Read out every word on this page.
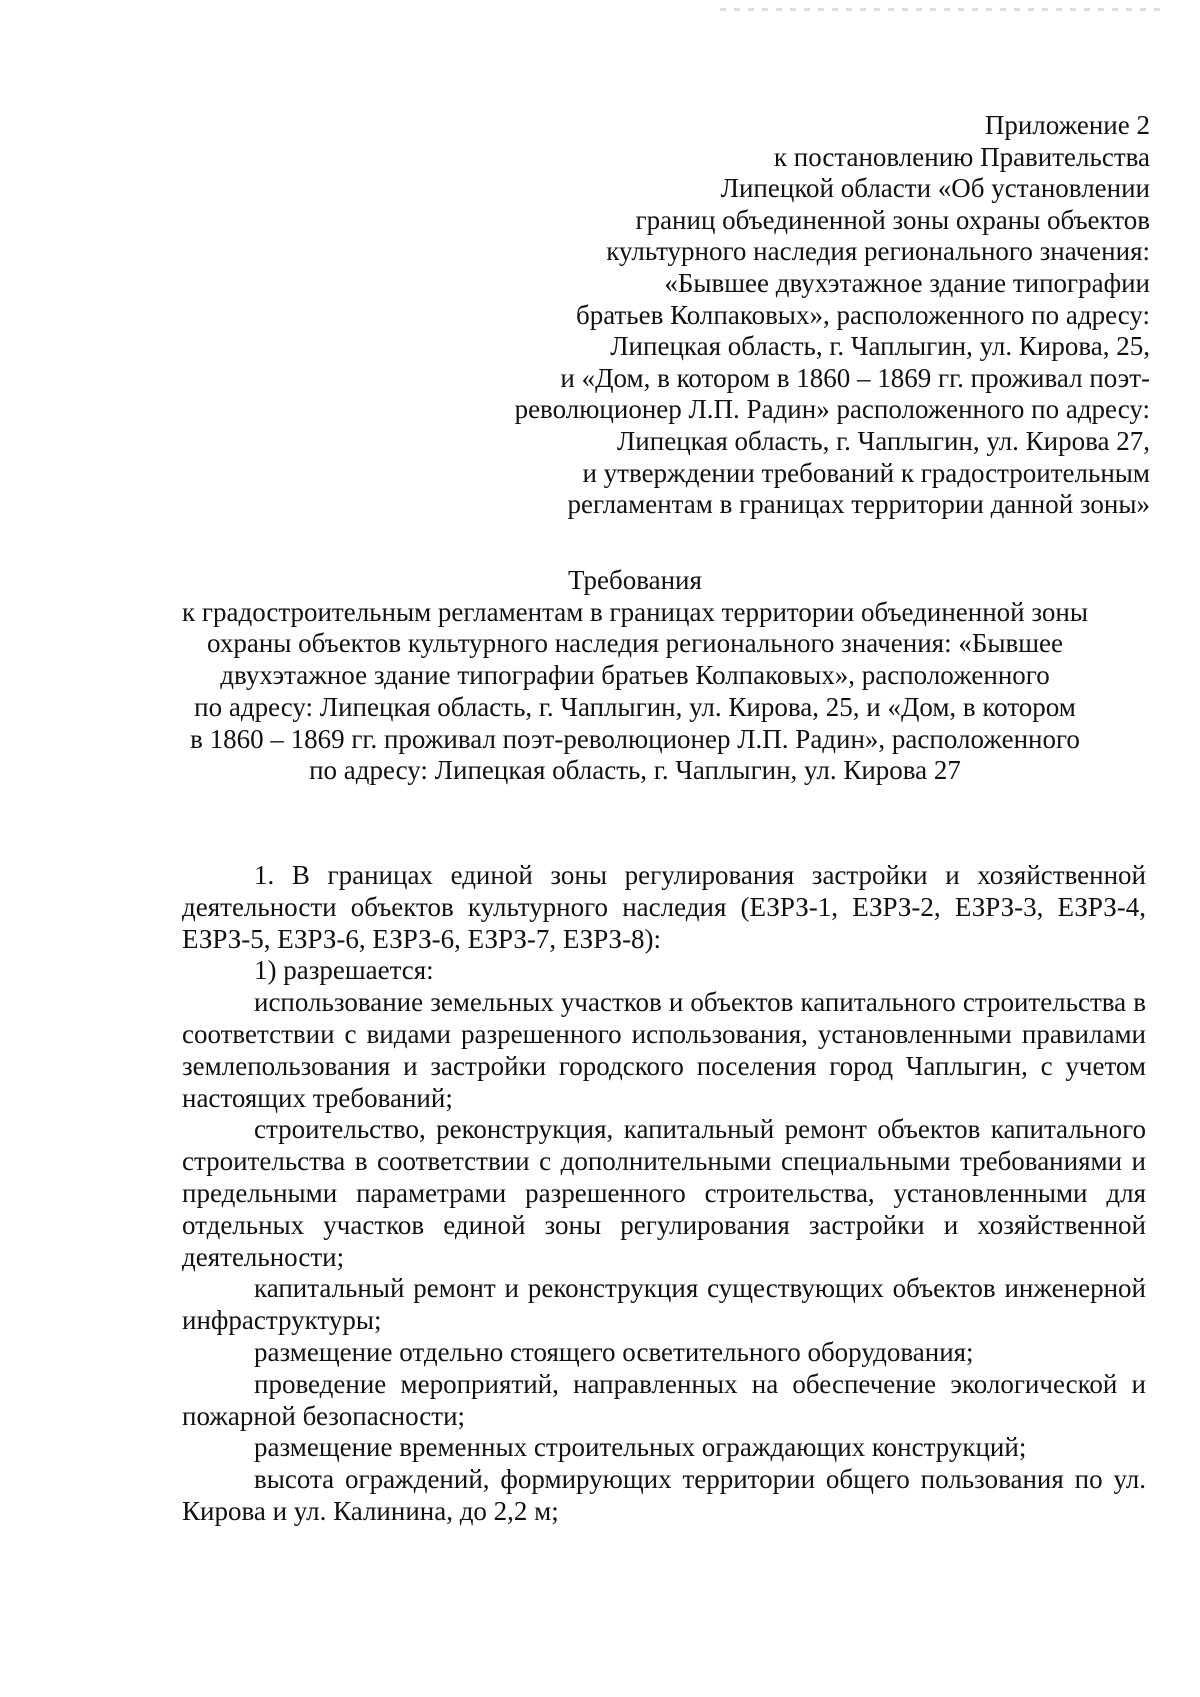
Приложение 2
к постановлению Правительства
Липецкой области «Об установлении
границ объединенной зоны охраны объектов
культурного наследия регионального значения:
«Бывшее двухэтажное здание типографии
братьев Колпаковых», расположенного по адресу:
Липецкая область, г. Чаплыгин, ул. Кирова, 25,
и «Дом, в котором в 1860 – 1869 гг. проживал поэт-
революционер Л.П. Радин» расположенного по адресу:
Липецкая область, г. Чаплыгин, ул. Кирова 27,
и утверждении требований к градостроительным
регламентам в границах территории данной зоны»
Требования
к градостроительным регламентам в границах территории объединенной зоны
охраны объектов культурного наследия регионального значения: «Бывшее
двухэтажное здание типографии братьев Колпаковых», расположенного
по адресу: Липецкая область, г. Чаплыгин, ул. Кирова, 25, и «Дом, в котором
в 1860 – 1869 гг. проживал поэт-революционер Л.П. Радин», расположенного
по адресу: Липецкая область, г. Чаплыгин, ул. Кирова 27

1. В границах единой зоны регулирования застройки и хозяйственной деятельности объектов культурного наследия (ЕЗРЗ-1, ЕЗРЗ-2, ЕЗРЗ-3, ЕЗРЗ-4, ЕЗРЗ-5, ЕЗРЗ-6, ЕЗРЗ-6, ЕЗРЗ-7, ЕЗРЗ-8):

1) разрешается:

использование земельных участков и объектов капитального строительства в соответствии с видами разрешенного использования, установленными правилами землепользования и застройки городского поселения город Чаплыгин, с учетом настоящих требований;

строительство, реконструкция, капитальный ремонт объектов капитального строительства в соответствии с дополнительными специальными требованиями и предельными параметрами разрешенного строительства, установленными для отдельных участков единой зоны регулирования застройки и хозяйственной деятельности;

капитальный ремонт и реконструкция существующих объектов инженерной инфраструктуры;

размещение отдельно стоящего осветительного оборудования;

проведение мероприятий, направленных на обеспечение экологической и пожарной безопасности;

размещение временных строительных ограждающих конструкций;

высота ограждений, формирующих территории общего пользования по ул. Кирова и ул. Калинина, до 2,2 м;
